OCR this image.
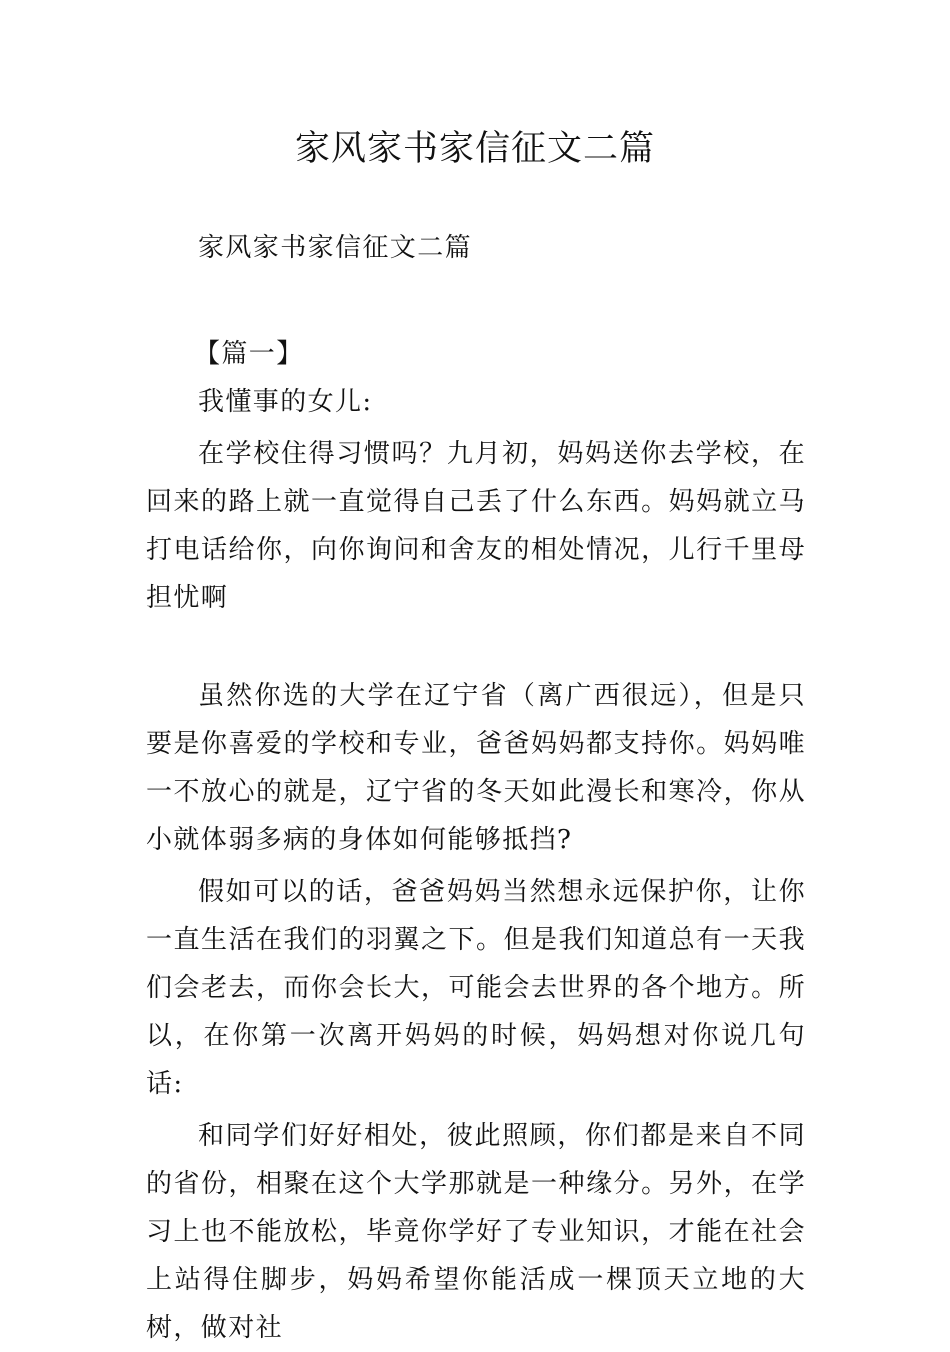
家风家书家信征文二篇

家风家书家信征文二篇

【篇一】

我懂事的女儿:

在学校住得习惯吗？九月初，妈妈送你去学校，在回来的路上就一直觉得自己丢了什么东西。妈妈就立马打电话给你，向你询问和舍友的相处情况，儿行千里母担忧啊

虽然你选的大学在辽宁省（离广西很远），但是只要是你喜爱的学校和专业，爸爸妈妈都支持你。妈妈唯一不放心的就是，辽宁省的冬天如此漫长和寒冷，你从小就体弱多病的身体如何能够抵挡?

假如可以的话，爸爸妈妈当然想永远保护你，让你一直生活在我们的羽翼之下。但是我们知道总有一天我们会老去，而你会长大，可能会去世界的各个地方。所以，在你第一次离开妈妈的时候，妈妈想对你说几句话:

和同学们好好相处，彼此照顾，你们都是来自不同的省份，相聚在这个大学那就是一种缘分。另外，在学习上也不能放松，毕竟你学好了专业知识，才能在社会上站得住脚步，妈妈希望你能活成一棵顶天立地的大树，做对社
